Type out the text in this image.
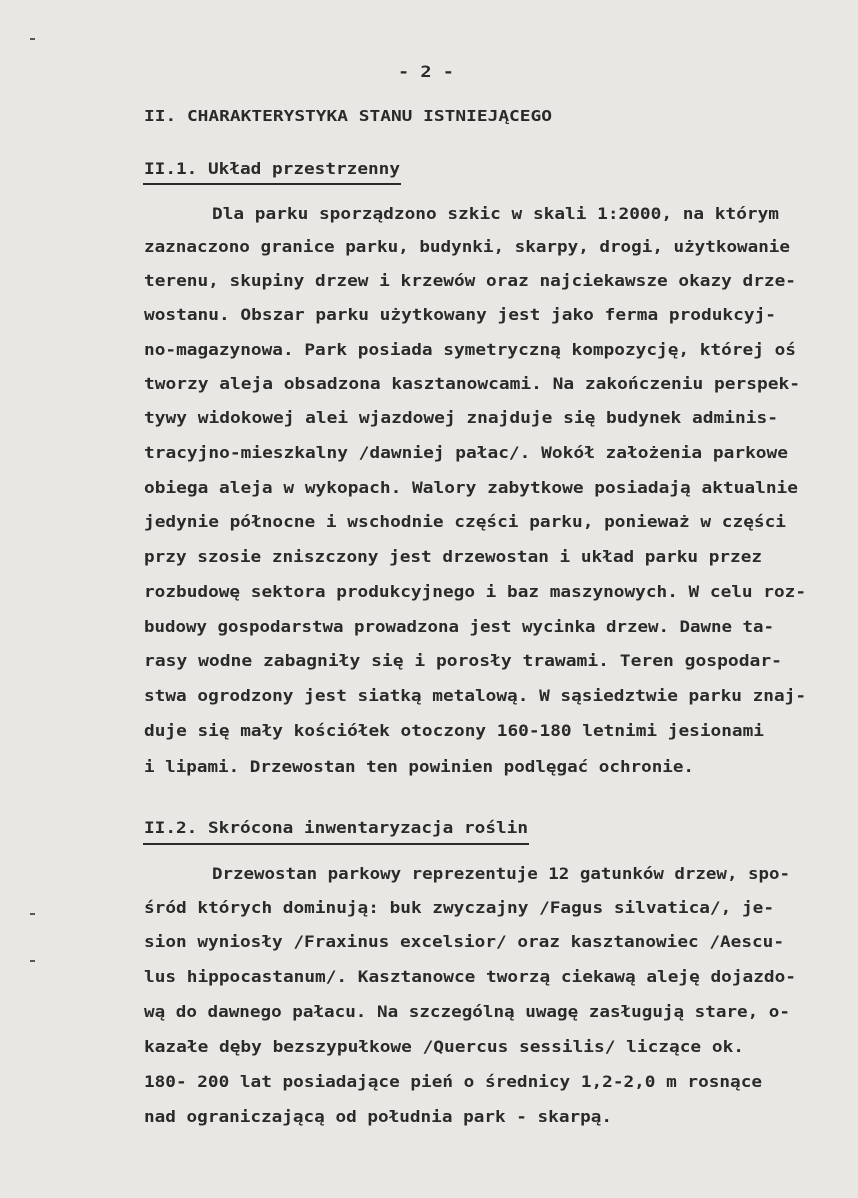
- 2 -
II. CHARAKTERYSTYKA STANU ISTNIEJĄCEGO
II.1. Układ przestrzenny
Dla parku sporządzono szkic w skali 1:2000, na którym
zaznaczono granice parku, budynki, skarpy, drogi, użytkowanie
terenu, skupiny drzew i krzewów oraz najciekawsze okazy drze-
wostanu. Obszar parku użytkowany jest jako ferma produkcyj-
no-magazynowa. Park posiada symetryczną kompozycję, której oś
tworzy aleja obsadzona kasztanowcami. Na zakończeniu perspek-
tywy widokowej alei wjazdowej znajduje się budynek adminis-
tracyjno-mieszkalny /dawniej pałac/. Wokół założenia parkowe
obiega aleja w wykopach. Walory zabytkowe posiadają aktualnie
jedynie północne i wschodnie części parku, ponieważ w części
przy szosie zniszczony jest drzewostan i układ parku przez
rozbudowę sektora produkcyjnego i baz maszynowych. W celu roz-
budowy gospodarstwa prowadzona jest wycinka drzew. Dawne ta-
rasy wodne zabagniły się i porosły trawami. Teren gospodar-
stwa ogrodzony jest siatką metalową. W sąsiedztwie parku znaj-
duje się mały kościółek otoczony 160-180 letnimi jesionami
i lipami. Drzewostan ten powinien podlęgać ochronie.
II.2. Skrócona inwentaryzacja roślin
Drzewostan parkowy reprezentuje 12 gatunków drzew, spo-
śród których dominują: buk zwyczajny /Fagus silvatica/, je-
sion wyniosły /Fraxinus excelsior/ oraz kasztanowiec /Aescu-
lus hippocastanum/. Kasztanowce tworzą ciekawą aleję dojazdo-
wą do dawnego pałacu. Na szczególną uwagę zasługują stare, o-
kazałe dęby bezszypułkowe /Quercus sessilis/ liczące ok.
180- 200 lat posiadające pień o średnicy 1,2-2,0 m rosnące
nad ograniczającą od południa park - skarpą.
